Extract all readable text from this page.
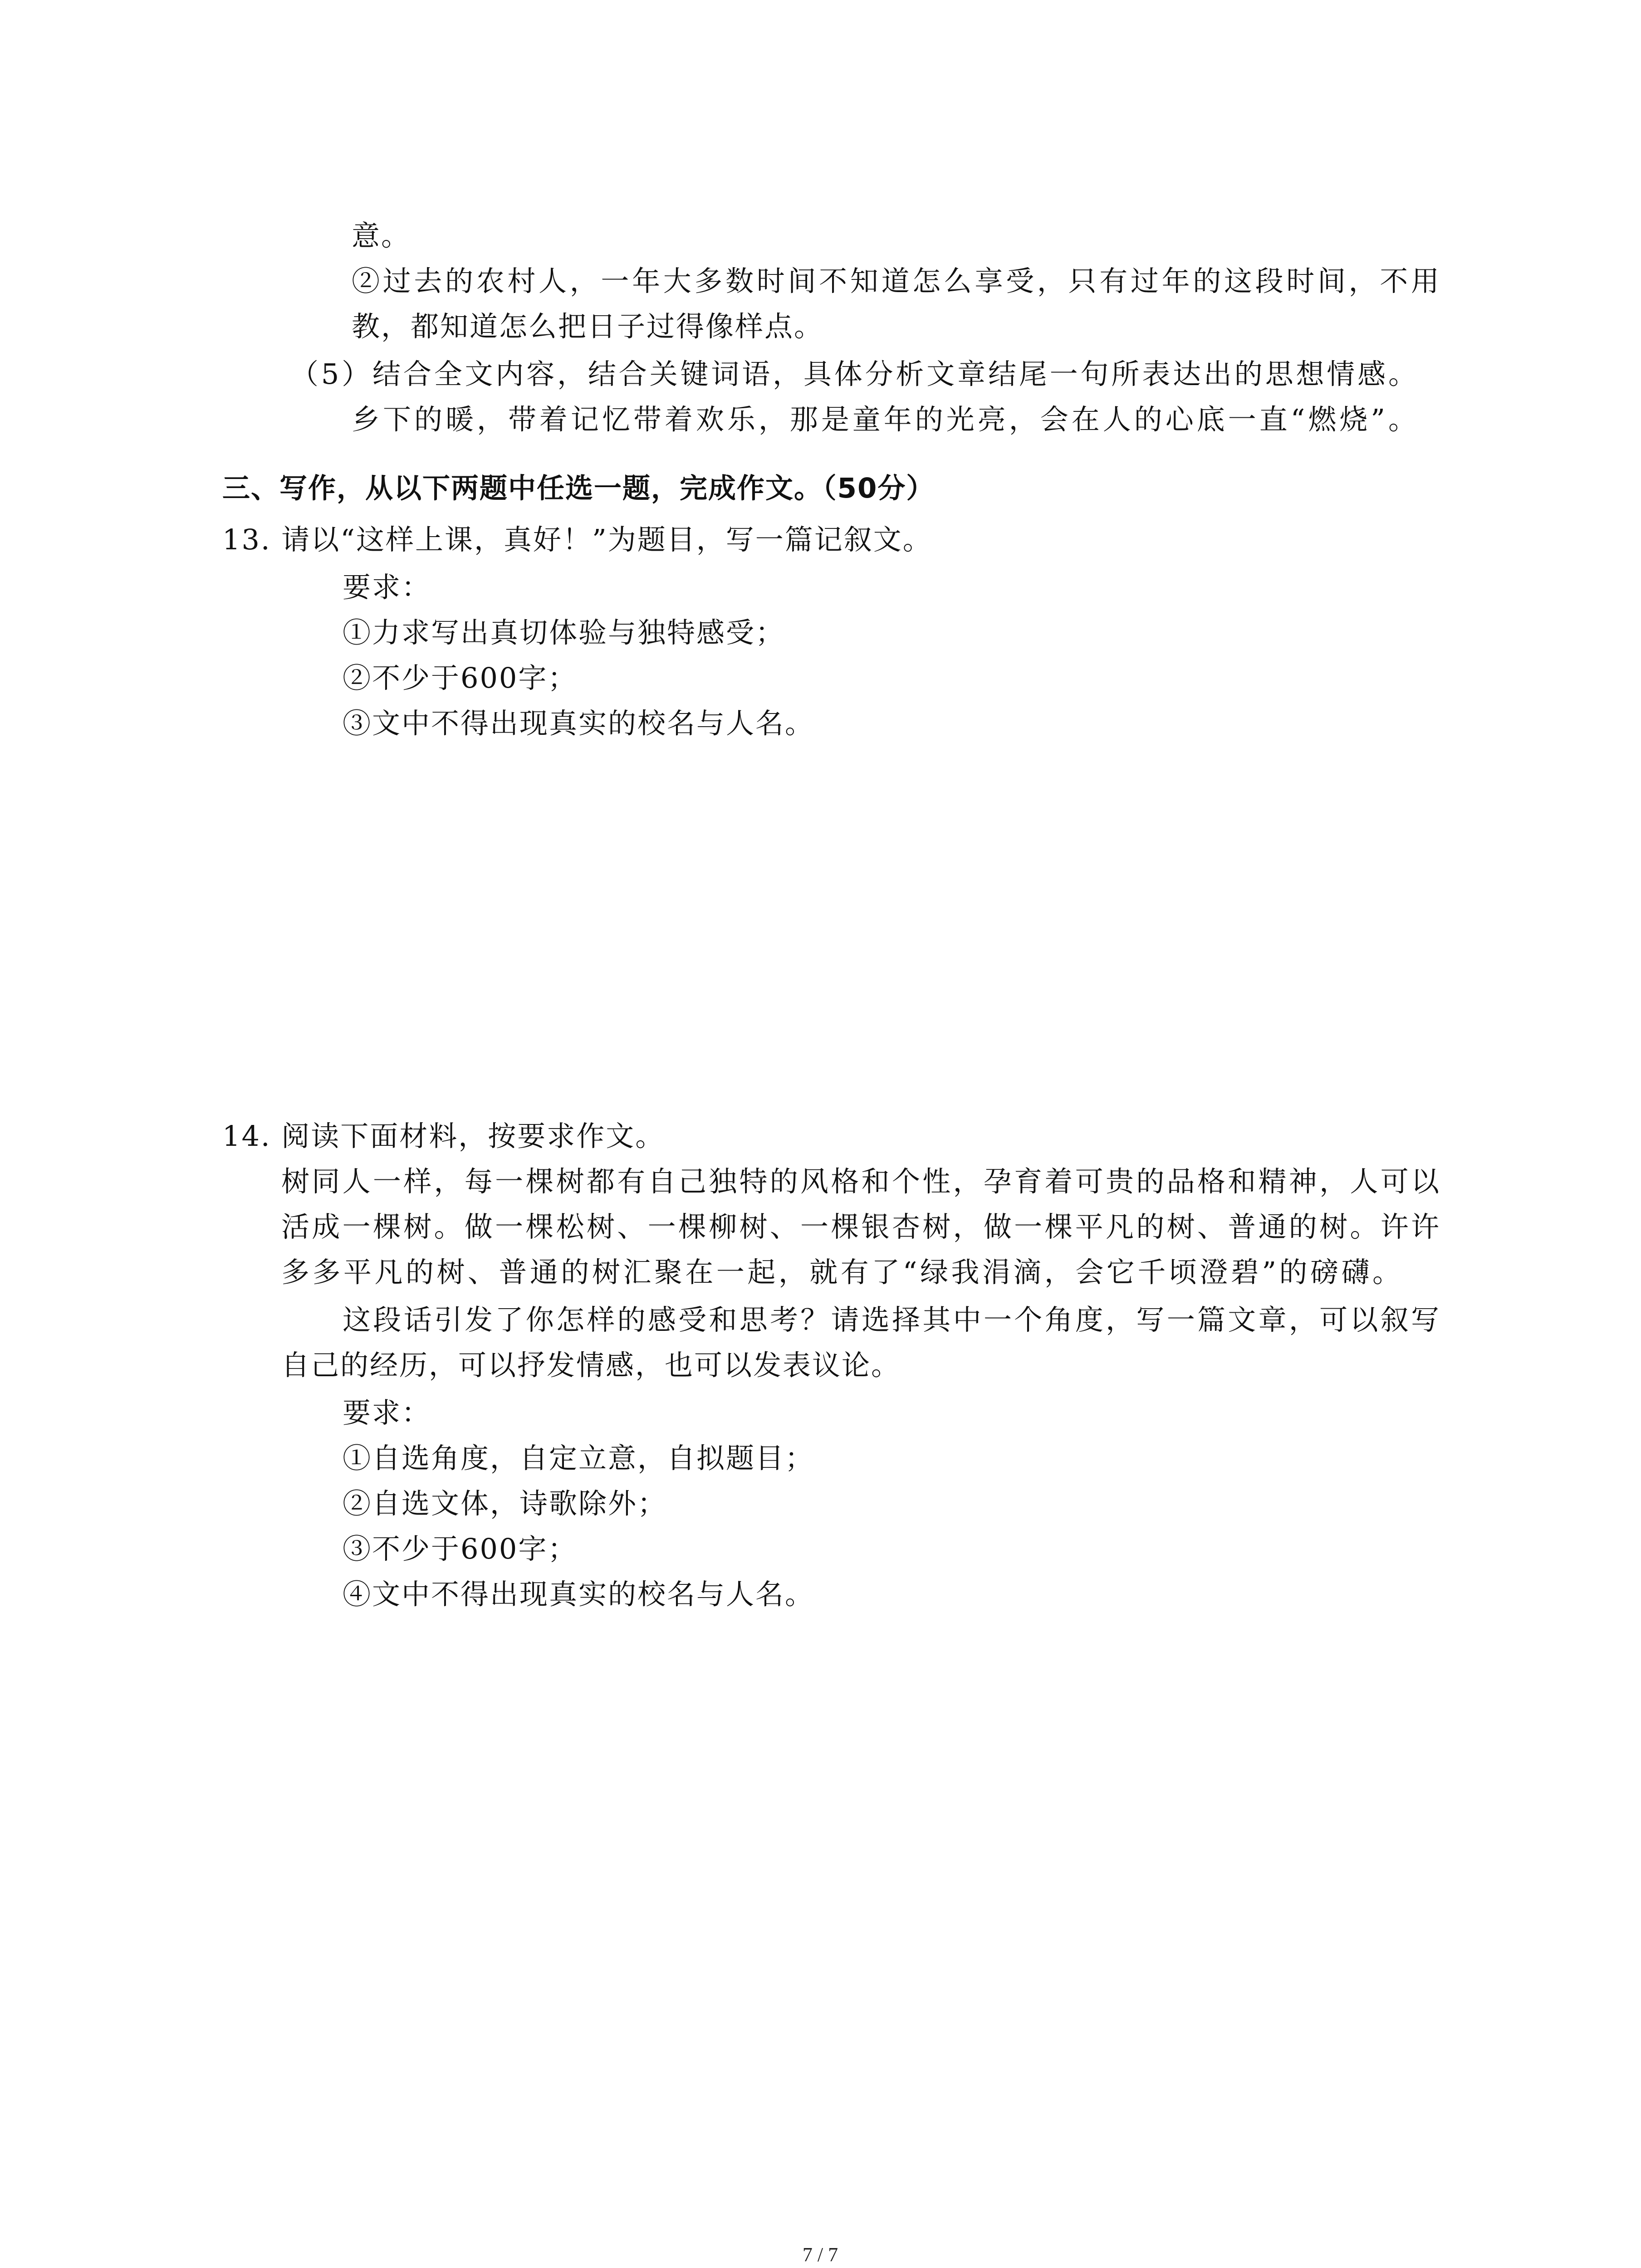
意。
②过去的农村人，一年大多数时间不知道怎么享受，只有过年的这段时间，不用
教，都知道怎么把日子过得像样点。
（5）结合全文内容，结合关键词语，具体分析文章结尾一句所表达出的思想情感。
乡下的暖，带着记忆带着欢乐，那是童年的光亮，会在人的心底一直“燃烧”。
三、写作，从以下两题中任选一题，完成作文。（50分）
13. 请以“这样上课，真好！”为题目，写一篇记叙文。
要求：
①力求写出真切体验与独特感受；
②不少于600字；
③文中不得出现真实的校名与人名。
14. 阅读下面材料，按要求作文。
树同人一样，每一棵树都有自己独特的风格和个性，孕育着可贵的品格和精神，人可以
活成一棵树。做一棵松树、一棵柳树、一棵银杏树，做一棵平凡的树、普通的树。许许
多多平凡的树、普通的树汇聚在一起，就有了“绿我涓滴，会它千顷澄碧”的磅礴。
这段话引发了你怎样的感受和思考？请选择其中一个角度，写一篇文章，可以叙写
自己的经历，可以抒发情感，也可以发表议论。
要求：
①自选角度，自定立意，自拟题目；
②自选文体，诗歌除外；
③不少于600字；
④文中不得出现真实的校名与人名。
7 / 7
